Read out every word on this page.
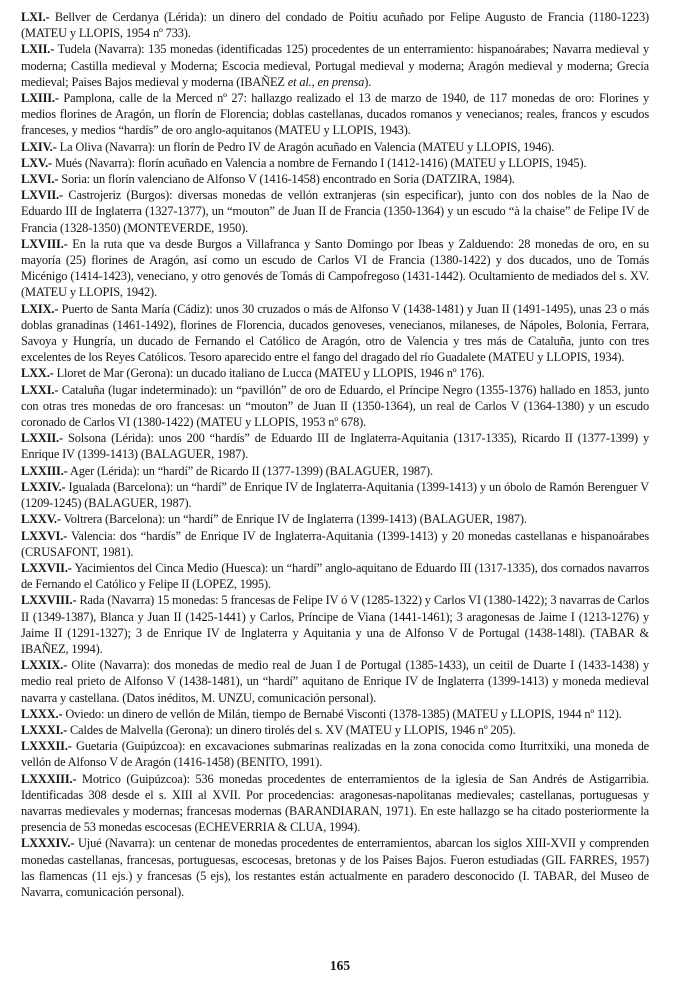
LXI.- Bellver de Cerdanya (Lérida): un dinero del condado de Poitiu acuñado por Felipe Augusto de Francia (1180-1223) (MATEU y LLOPIS, 1954 nº 733).

LXII.- Tudela (Navarra): 135 monedas (identificadas 125) procedentes de un enterramiento: hispanoárabes; Navarra medieval y moderna; Castilla medieval y Moderna; Escocia medieval, Portugal medieval y moderna; Aragón medieval y moderna; Grecia medieval; Paises Bajos medieval y moderna (IBAÑEZ et al., en prensa).

LXIII.- Pamplona, calle de la Merced nº 27: hallazgo realizado el 13 de marzo de 1940, de 117 monedas de oro: Florines y medios florines de Aragón, un florín de Florencia; doblas castellanas, ducados romanos y venecianos; reales, francos y escudos franceses, y medios “hardís” de oro anglo-aquitanos (MATEU y LLOPIS, 1943).

LXIV.- La Oliva (Navarra): un florín de Pedro IV de Aragón acuñado en Valencia (MATEU y LLOPIS, 1946).

LXV.- Mués (Navarra): florín acuñado en Valencia a nombre de Fernando I (1412-1416) (MATEU y LLOPIS, 1945).

LXVI.- Soria: un florín valenciano de Alfonso V (1416-1458) encontrado en Soria (DATZIRA, 1984).

LXVII.- Castrojeriz (Burgos): diversas monedas de vellón extranjeras (sin especificar), junto con dos nobles de la Nao de Eduardo III de Inglaterra (1327-1377), un “mouton” de Juan II de Francia (1350-1364) y un escudo “à la chaise” de Felipe IV de Francia (1328-1350) (MONTEVERDE, 1950).

LXVIII.- En la ruta que va desde Burgos a Villafranca y Santo Domingo por Ibeas y Zalduendo: 28 monedas de oro, en su mayoría (25) florines de Aragón, así como un escudo de Carlos VI de Francia (1380-1422) y dos ducados, uno de Tomás Micénigo (1414-1423), veneciano, y otro genovés de Tomás di Campofregoso (1431-1442). Ocultamiento de mediados del s. XV. (MATEU y LLOPIS, 1942).

LXIX.- Puerto de Santa María (Cádiz): unos 30 cruzados o más de Alfonso V (1438-1481) y Juan II (1491-1495), unas 23 o más doblas granadinas (1461-1492), florines de Florencia, ducados genoveses, venecianos, milaneses, de Nápoles, Bolonia, Ferrara, Savoya y Hungría, un ducado de Fernando el Católico de Aragón, otro de Valencia y tres más de Cataluña, junto con tres excelentes de los Reyes Católicos. Tesoro aparecido entre el fango del dragado del río Guadalete (MATEU y LLOPIS, 1934).

LXX.- Lloret de Mar (Gerona): un ducado italiano de Lucca (MATEU y LLOPIS, 1946 nº 176).

LXXI.- Cataluña (lugar indeterminado): un “pavillón” de oro de Eduardo, el Príncipe Negro (1355-1376) hallado en 1853, junto con otras tres monedas de oro francesas: un “mouton” de Juan II (1350-1364), un real de Carlos V (1364-1380) y un escudo coronado de Carlos VI (1380-1422) (MATEU y LLOPIS, 1953 nº 678).

LXXII.- Solsona (Lérida): unos 200 “hardís” de Eduardo III de Inglaterra-Aquitania (1317-1335), Ricardo II (1377-1399) y Enrique IV (1399-1413) (BALAGUER, 1987).

LXXIII.- Ager (Lérida): un “hardí” de Ricardo II (1377-1399) (BALAGUER, 1987).

LXXIV.- Igualada (Barcelona): un “hardí” de Enrique IV de Inglaterra-Aquitania (1399-1413) y un óbolo de Ramón Berenguer V (1209-1245) (BALAGUER, 1987).

LXXV.- Voltrera (Barcelona): un “hardí” de Enrique IV de Inglaterra (1399-1413) (BALAGUER, 1987).

LXXVI.- Valencia: dos “hardís” de Enrique IV de Inglaterra-Aquitania (1399-1413) y 20 monedas castellanas e hispanoárabes (CRUSAFONT, 1981).

LXXVII.- Yacimientos del Cinca Medio (Huesca): un “hardí” anglo-aquitano de Eduardo III (1317-1335), dos cornados navarros de Fernando el Católico y Felipe II (LOPEZ, 1995).

LXXVIII.- Rada (Navarra) 15 monedas: 5 francesas de Felipe IV ó V (1285-1322) y Carlos VI (1380-1422); 3 navarras de Carlos II (1349-1387), Blanca y Juan II (1425-1441) y Carlos, Príncipe de Viana (1441-1461); 3 aragonesas de Jaime I (1213-1276) y Jaime II (1291-1327); 3 de Enrique IV de Inglaterra y Aquitania y una de Alfonso V de Portugal (1438-148l). (TABAR & IBAÑEZ, 1994).

LXXIX.- Olite (Navarra): dos monedas de medio real de Juan I de Portugal (1385-1433), un ceitil de Duarte I (1433-1438) y medio real prieto de Alfonso V (1438-1481), un “hardí” aquitano de Enrique IV de Inglaterra (1399-1413) y moneda medieval navarra y castellana. (Datos inéditos, M. UNZU, comunicación personal).

LXXX.- Oviedo: un dinero de vellón de Milán, tiempo de Bernabé Visconti (1378-1385) (MATEU y LLOPIS, 1944 nº 112).

LXXXI.- Caldes de Malvella (Gerona): un dinero tirolés del s. XV (MATEU y LLOPIS, 1946 nº 205).

LXXXII.- Guetaria (Guipúzcoa): en excavaciones submarinas realizadas en la zona conocida como Iturritxiki, una moneda de vellón de Alfonso V de Aragón (1416-1458) (BENITO, 1991).

LXXXIII.- Motrico (Guipúzcoa): 536 monedas procedentes de enterramientos de la iglesia de San Andrés de Astigarribia. Identificadas 308 desde el s. XIII al XVII. Por procedencias: aragonesas-napolitanas medievales; castellanas, portuguesas y navarras medievales y modernas; francesas modernas (BARANDIARAN, 1971). En este hallazgo se ha citado posteriormente la presencia de 53 monedas escocesas (ECHEVERRIA & CLUA, 1994).

LXXXIV.- Ujué (Navarra): un centenar de monedas procedentes de enterramientos, abarcan los siglos XIII-XVII y comprenden monedas castellanas, francesas, portuguesas, escocesas, bretonas y de los Paises Bajos. Fueron estudiadas (GIL FARRES, 1957) las flamencas (11 ejs.) y francesas (5 ejs), los restantes están actualmente en paradero desconocido (I. TABAR, del Museo de Navarra, comunicación personal).

165
